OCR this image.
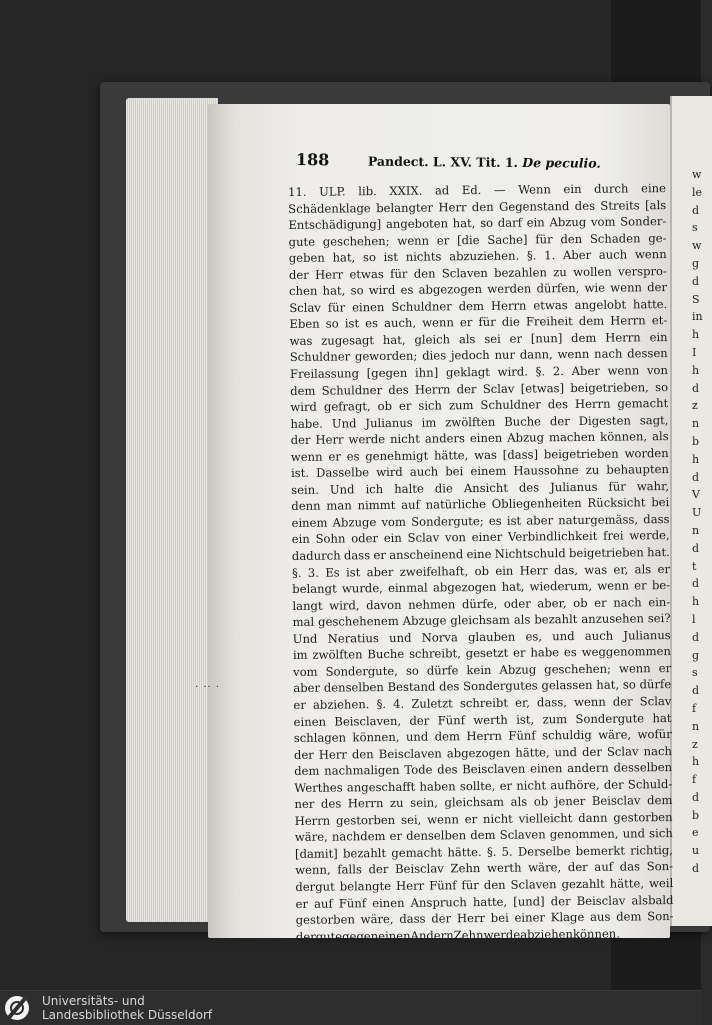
w
le
d
s
w
g
d
S
in
h
I
h
d
z
n
b
h
d
V
U
n
d
t
d
h
l
d
g
s
d
f
n
z
h
f
d
b
e
u
d

188	Pandect. L. XV. Tit. 1. De peculio.
11. ULP. lib. XXIX. ad Ed. — Wenn ein durch eine
Schädenklage belangter Herr den Gegenstand des Streits [als
Entschädigung] angeboten hat, so darf ein Abzug vom Sonder-
gute geschehen; wenn er [die Sache] für den Schaden ge-
geben hat, so ist nichts abzuziehen. §. 1. Aber auch wenn
der Herr etwas für den Sclaven bezahlen zu wollen verspro-
chen hat, so wird es abgezogen werden dürfen, wie wenn der
Sclav für einen Schuldner dem Herrn etwas angelobt hatte.
Eben so ist es auch, wenn er für die Freiheit dem Herrn et-
was zugesagt hat, gleich als sei er [nun] dem Herrn ein
Schuldner geworden; dies jedoch nur dann, wenn nach dessen
Freilassung [gegen ihn] geklagt wird. §. 2. Aber wenn von
dem Schuldner des Herrn der Sclav [etwas] beigetrieben, so
wird gefragt, ob er sich zum Schuldner des Herrn gemacht
habe. Und Julianus im zwölften Buche der Digesten sagt,
der Herr werde nicht anders einen Abzug machen können, als
wenn er es genehmigt hätte, was [dass] beigetrieben worden
ist. Dasselbe wird auch bei einem Haussohne zu behaupten
sein. Und ich halte die Ansicht des Julianus für wahr,
denn man nimmt auf natürliche Obliegenheiten Rücksicht bei
einem Abzuge vom Sondergute; es ist aber naturgemäss, dass
ein Sohn oder ein Sclav von einer Verbindlichkeit frei werde,
dadurch dass er anscheinend eine Nichtschuld beigetrieben hat.
§. 3. Es ist aber zweifelhaft, ob ein Herr das, was er, als er
belangt wurde, einmal abgezogen hat, wiederum, wenn er be-
langt wird, davon nehmen dürfe, oder aber, ob er nach ein-
mal geschehenem Abzuge gleichsam als bezahlt anzusehen sei?
Und Neratius und Norva glauben es, und auch Julianus
im zwölften Buche schreibt, gesetzt er habe es weggenommen
vom Sondergute, so dürfe kein Abzug geschehen; wenn er
aber denselben Bestand des Sondergutes gelassen hat, so dürfe
er abziehen. §. 4. Zuletzt schreibt er, dass, wenn der Sclav
einen Beisclaven, der Fünf werth ist, zum Sondergute hat
schlagen können, und dem Herrn Fünf schuldig wäre, wofür
der Herr den Beisclaven abgezogen hätte, und der Sclav nach
dem nachmaligen Tode des Beisclaven einen andern desselben
Werthes angeschafft haben sollte, er nicht aufhöre, der Schuld-
ner des Herrn zu sein, gleichsam als ob jener Beisclav dem
Herrn gestorben sei, wenn er nicht vielleicht dann gestorben
wäre, nachdem er denselben dem Sclaven genommen, und sich
[damit] bezahlt gemacht hätte. §. 5. Derselbe bemerkt richtig,
wenn, falls der Beisclav Zehn werth wäre, der auf das Son-
dergut belangte Herr Fünf für den Sclaven gezahlt hätte, weil
er auf Fünf einen Anspruch hatte, [und] der Beisclav alsbald
gestorben wäre, dass der Herr bei einer Klage aus dem Son-
dergute gegen einen Andern Zehn werde abziehen können,
· ·· ·
Universitäts- und
Landesbibliothek Düsseldorf
